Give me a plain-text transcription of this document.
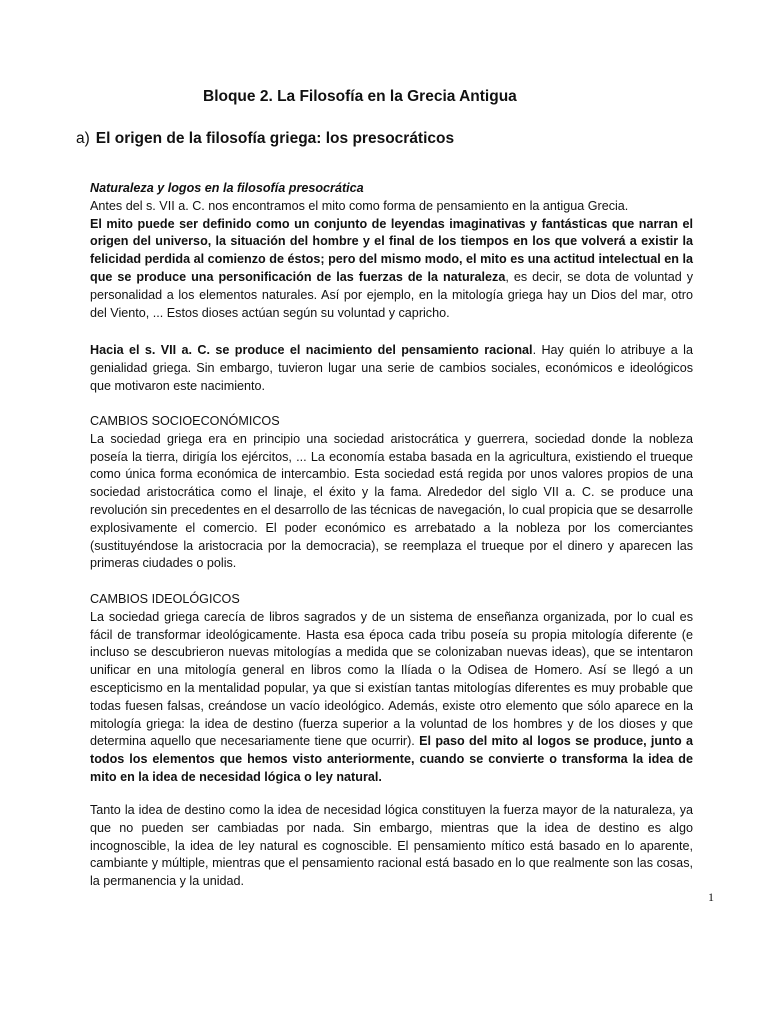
Bloque 2. La Filosofía en la Grecia Antigua
a) El origen de la filosofía griega: los presocráticos

Naturaleza y logos en la filosofía presocrática

Antes del s. VII a. C. nos encontramos el mito como forma de pensamiento en la antigua Grecia.

El mito puede ser definido como un conjunto de leyendas imaginativas y fantásticas que narran el origen del universo, la situación del hombre y el final de los tiempos en los que volverá a existir la felicidad perdida al comienzo de éstos; pero del mismo modo, el mito es una actitud intelectual en la que se produce una personificación de las fuerzas de la naturaleza, es decir, se dota de voluntad y personalidad a los elementos naturales. Así por ejemplo, en la mitología griega hay un Dios del mar, otro del Viento, ... Estos dioses actúan según su voluntad y capricho.

Hacia el s. VII a. C. se produce el nacimiento del pensamiento racional. Hay quién lo atribuye a la genialidad griega. Sin embargo, tuvieron lugar una serie de cambios sociales, económicos e ideológicos que motivaron este nacimiento.

CAMBIOS SOCIOECONÓMICOS

La sociedad griega era en principio una sociedad aristocrática y guerrera, sociedad donde la nobleza poseía la tierra, dirigía los ejércitos, ... La economía estaba basada en la agricultura, existiendo el trueque como única forma económica de intercambio. Esta sociedad está regida por unos valores propios de una sociedad aristocrática como el linaje, el éxito y la fama. Alrededor del siglo VII a. C. se produce una revolución sin precedentes en el desarrollo de las técnicas de navegación, lo cual propicia que se desarrolle explosivamente el comercio. El poder económico es arrebatado a la nobleza por los comerciantes (sustituyéndose la aristocracia por la democracia), se reemplaza el trueque por el dinero y aparecen las primeras ciudades o polis.

CAMBIOS IDEOLÓGICOS

La sociedad griega carecía de libros sagrados y de un sistema de enseñanza organizada, por lo cual es fácil de transformar ideológicamente. Hasta esa época cada tribu poseía su propia mitología diferente (e incluso se descubrieron nuevas mitologías a medida que se colonizaban nuevas ideas), que se intentaron unificar en una mitología general en libros como la Ilíada o la Odisea de Homero. Así se llegó a un escepticismo en la mentalidad popular, ya que si existían tantas mitologías diferentes es muy probable que todas fuesen falsas, creándose un vacío ideológico. Además, existe otro elemento que sólo aparece en la mitología griega: la idea de destino (fuerza superior a la voluntad de los hombres y de los dioses y que determina aquello que necesariamente tiene que ocurrir). El paso del mito al logos se produce, junto a todos los elementos que hemos visto anteriormente, cuando se convierte o transforma la idea de mito en la idea de necesidad lógica o ley natural.

Tanto la idea de destino como la idea de necesidad lógica constituyen la fuerza mayor de la naturaleza, ya que no pueden ser cambiadas por nada. Sin embargo, mientras que la idea de destino es algo incognoscible, la idea de ley natural es cognoscible. El pensamiento mítico está basado en lo aparente, cambiante y múltiple, mientras que el pensamiento racional está basado en lo que realmente son las cosas, la permanencia y la unidad.

1
